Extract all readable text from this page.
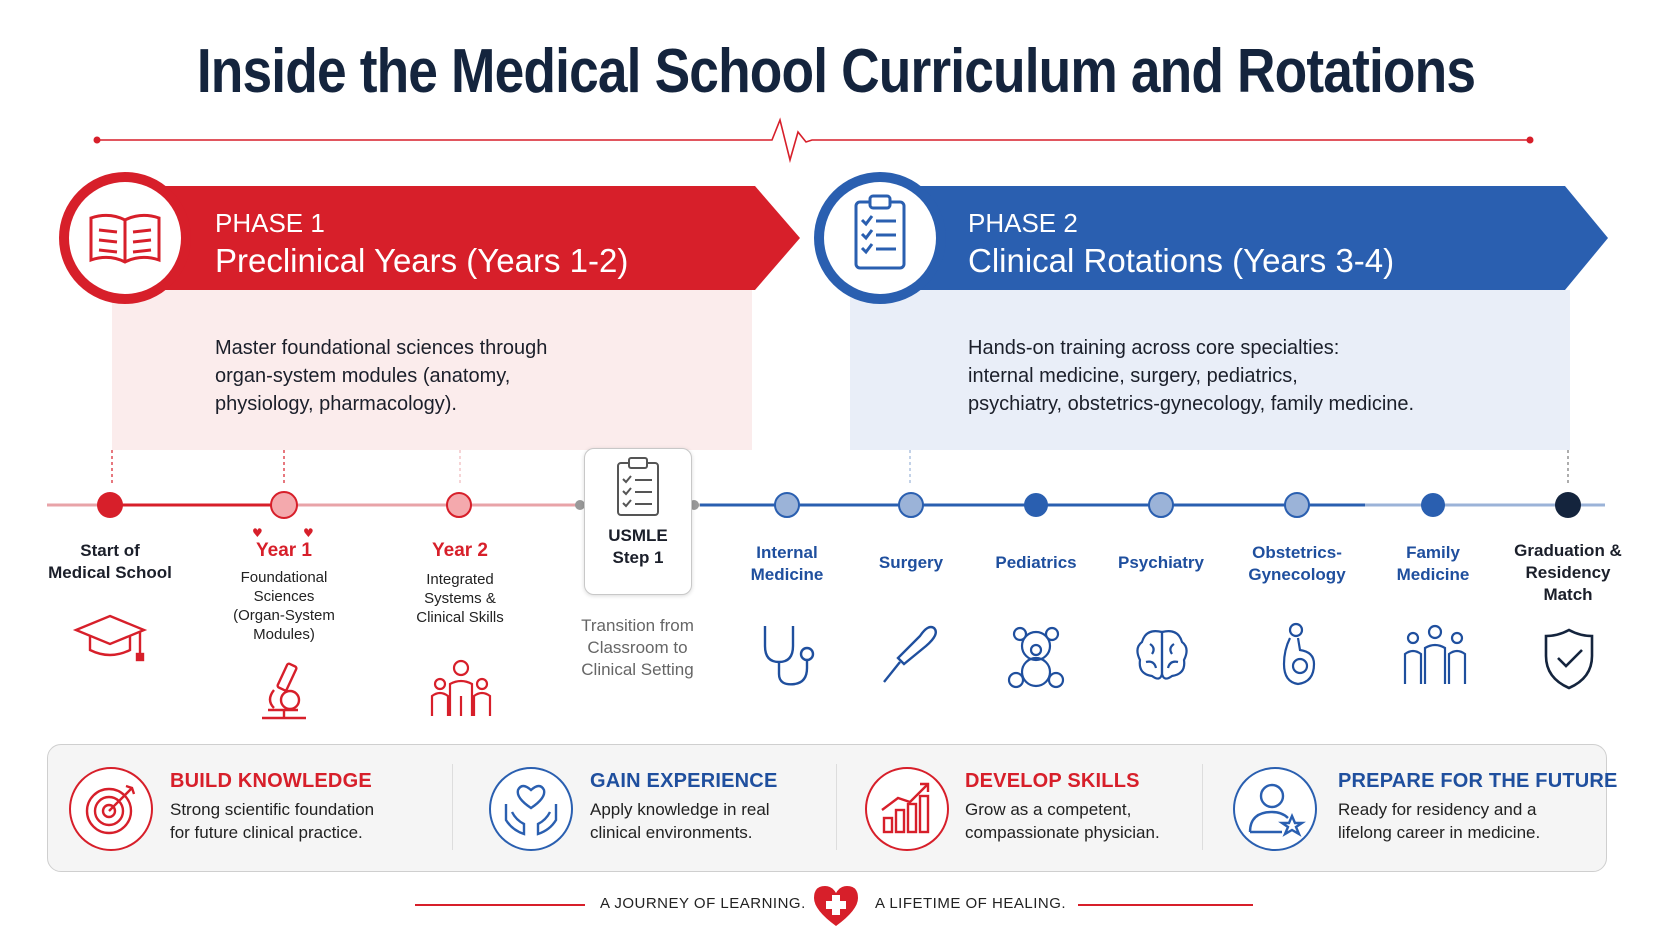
Inside the Medical School Curriculum and Rotations
PHASE 1
Preclinical Years (Years 1-2)
PHASE 2
Clinical Rotations (Years 3-4)
Master foundational sciences through
organ-system modules (anatomy,
physiology, pharmacology).
Hands-on training across core specialties:
internal medicine, surgery, pediatrics,
psychiatry, obstetrics-gynecology, family medicine.
♥	♥	USMLE
Step 1
Transition from
Classroom to
Clinical Setting
Start of
Medical School
Year 1
Foundational
Sciences
(Organ-System
Modules)
Year 2
Integrated
Systems &
Clinical Skills
Internal
Medicine
Surgery	Pediatrics	Psychiatry
Obstetrics-
Gynecology
Family
Medicine
Graduation &
Residency
Match
BUILD KNOWLEDGE
Strong scientific foundation
for future clinical practice.
GAIN EXPERIENCE
Apply knowledge in real
clinical environments.
DEVELOP SKILLS
Grow as a competent,
compassionate physician.
PREPARE FOR THE FUTURE
Ready for residency and a
lifelong career in medicine.
A JOURNEY OF LEARNING.	A LIFETIME OF HEALING.
